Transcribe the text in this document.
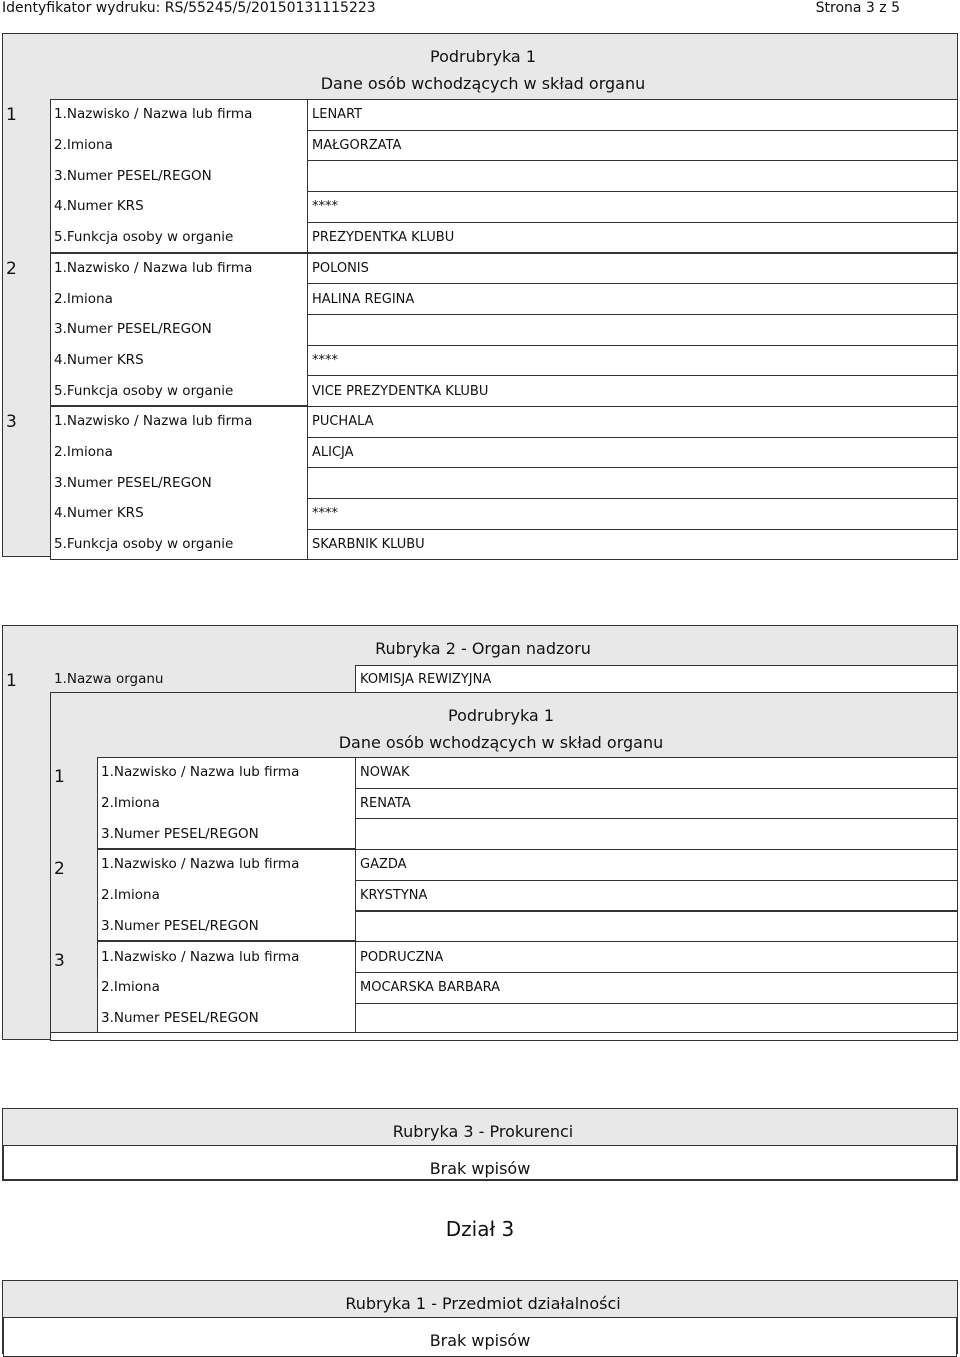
Identyfikator wydruku: RS/55245/5/20150131115223	Strona 3 z 5
Podrubryka 1
Dane osób wchodzących w skład organu
1	1.Nazwisko / Nazwa lub firma	LENART
2.Imiona	MAŁGORZATA
3.Numer PESEL/REGON
4.Numer KRS	****
5.Funkcja osoby w organie	PREZYDENTKA KLUBU
2	1.Nazwisko / Nazwa lub firma	POLONIS
2.Imiona	HALINA REGINA
3.Numer PESEL/REGON
4.Numer KRS	****
5.Funkcja osoby w organie	VICE PREZYDENTKA KLUBU
3	1.Nazwisko / Nazwa lub firma	PUCHALA
2.Imiona	ALICJA
3.Numer PESEL/REGON
4.Numer KRS	****
5.Funkcja osoby w organie	SKARBNIK KLUBU
Rubryka 2 - Organ nadzoru
1	1.Nazwa organu	KOMISJA REWIZYJNA
Podrubryka 1
Dane osób wchodzących w skład organu
1	1.Nazwisko / Nazwa lub firma	NOWAK
2.Imiona	RENATA
3.Numer PESEL/REGON
2	1.Nazwisko / Nazwa lub firma	GAZDA
2.Imiona	KRYSTYNA
3.Numer PESEL/REGON
3	1.Nazwisko / Nazwa lub firma	PODRUCZNA
2.Imiona	MOCARSKA BARBARA
3.Numer PESEL/REGON
Rubryka 3 - Prokurenci
Brak wpisów
Dział 3
Rubryka 1 - Przedmiot działalności
Brak wpisów
